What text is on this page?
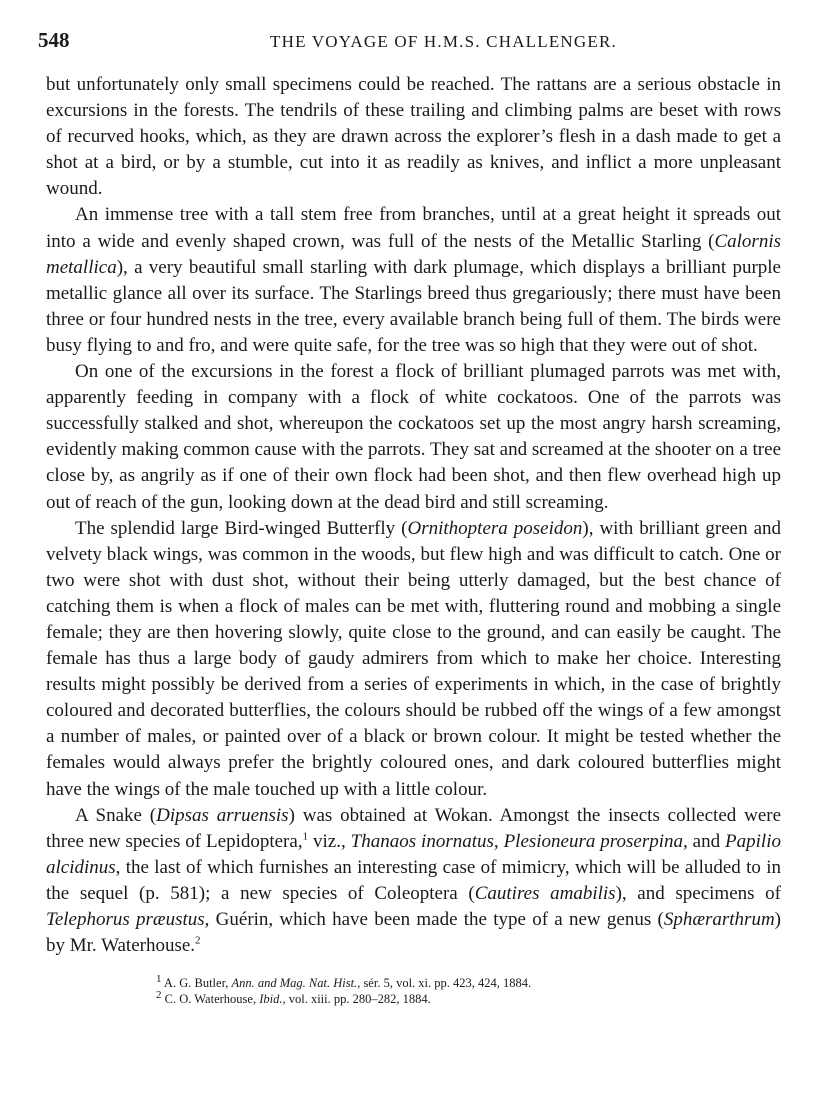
548	THE VOYAGE OF H.M.S. CHALLENGER.

but unfortunately only small specimens could be reached. The rattans are a serious obstacle in excursions in the forests. The tendrils of these trailing and climbing palms are beset with rows of recurved hooks, which, as they are drawn across the explorer’s flesh in a dash made to get a shot at a bird, or by a stumble, cut into it as readily as knives, and inflict a more unpleasant wound.

An immense tree with a tall stem free from branches, until at a great height it spreads out into a wide and evenly shaped crown, was full of the nests of the Metallic Starling (Calornis metallica), a very beautiful small starling with dark plumage, which displays a brilliant purple metallic glance all over its surface. The Starlings breed thus gregariously; there must have been three or four hundred nests in the tree, every available branch being full of them. The birds were busy flying to and fro, and were quite safe, for the tree was so high that they were out of shot.

On one of the excursions in the forest a flock of brilliant plumaged parrots was met with, apparently feeding in company with a flock of white cockatoos. One of the parrots was successfully stalked and shot, whereupon the cockatoos set up the most angry harsh screaming, evidently making common cause with the parrots. They sat and screamed at the shooter on a tree close by, as angrily as if one of their own flock had been shot, and then flew overhead high up out of reach of the gun, looking down at the dead bird and still screaming.

The splendid large Bird-winged Butterfly (Ornithoptera poseidon), with brilliant green and velvety black wings, was common in the woods, but flew high and was difficult to catch. One or two were shot with dust shot, without their being utterly damaged, but the best chance of catching them is when a flock of males can be met with, fluttering round and mobbing a single female; they are then hovering slowly, quite close to the ground, and can easily be caught. The female has thus a large body of gaudy admirers from which to make her choice. Interesting results might possibly be derived from a series of experiments in which, in the case of brightly coloured and decorated butterflies, the colours should be rubbed off the wings of a few amongst a number of males, or painted over of a black or brown colour. It might be tested whether the females would always prefer the brightly coloured ones, and dark coloured butterflies might have the wings of the male touched up with a little colour.

A Snake (Dipsas arruensis) was obtained at Wokan. Amongst the insects collected were three new species of Lepidoptera,$^1$ viz., Thanaos inornatus, Plesioneura proserpina, and Papilio alcidinus, the last of which furnishes an interesting case of mimicry, which will be alluded to in the sequel (p. 581); a new species of Coleoptera (Cautires amabilis), and specimens of Telephorus præustus, Guérin, which have been made the type of a new genus (Sphærarthrum) by Mr. Waterhouse.$^2$

$^1$ A. G. Butler, Ann. and Mag. Nat. Hist., sér. 5, vol. xi. pp. 423, 424, 1884.

$^2$ C. O. Waterhouse, Ibid., vol. xiii. pp. 280–282, 1884.
